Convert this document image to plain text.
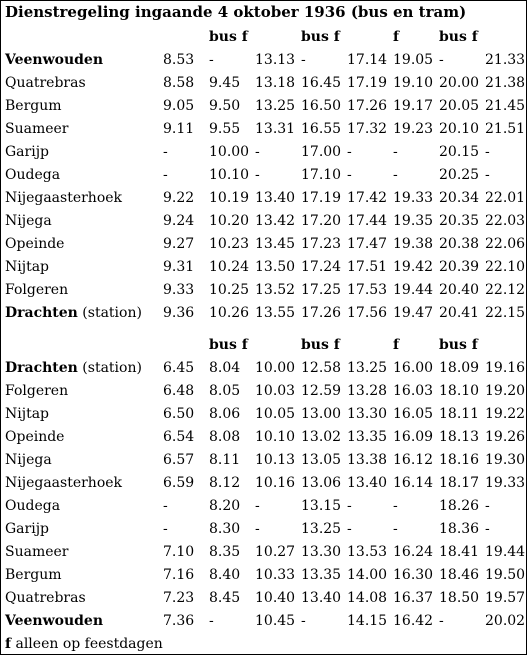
Dienstregeling ingaande 4 oktober 1936 (bus en tram)
		bus f		bus f		f	bus f	
Veenwouden	8.53	-	13.13	-	17.14	19.05	-	21.33
Quatrebras	8.58	9.45	13.18	16.45	17.19	19.10	20.00	21.38
Bergum	9.05	9.50	13.25	16.50	17.26	19.17	20.05	21.45
Suameer	9.11	9.55	13.31	16.55	17.32	19.23	20.10	21.51
Garijp	-	10.00	-	17.00	-	-	20.15	-
Oudega	-	10.10	-	17.10	-	-	20.25	-
Nijegaasterhoek	9.22	10.19	13.40	17.19	17.42	19.33	20.34	22.01
Nijega	9.24	10.20	13.42	17.20	17.44	19.35	20.35	22.03
Opeinde	9.27	10.23	13.45	17.23	17.47	19.38	20.38	22.06
Nijtap	9.31	10.24	13.50	17.24	17.51	19.42	20.39	22.10
Folgeren	9.33	10.25	13.52	17.25	17.53	19.44	20.40	22.12
Drachten (station)	9.36	10.26	13.55	17.26	17.56	19.47	20.41	22.15
		bus f		bus f		f	bus f	
Drachten (station)	6.45	8.04	10.00	12.58	13.25	16.00	18.09	19.16
Folgeren	6.48	8.05	10.03	12.59	13.28	16.03	18.10	19.20
Nijtap	6.50	8.06	10.05	13.00	13.30	16.05	18.11	19.22
Opeinde	6.54	8.08	10.10	13.02	13.35	16.09	18.13	19.26
Nijega	6.57	8.11	10.13	13.05	13.38	16.12	18.16	19.30
Nijegaasterhoek	6.59	8.12	10.16	13.06	13.40	16.14	18.17	19.33
Oudega	-	8.20	-	13.15	-	-	18.26	-
Garijp	-	8.30	-	13.25	-	-	18.36	-
Suameer	7.10	8.35	10.27	13.30	13.53	16.24	18.41	19.44
Bergum	7.16	8.40	10.33	13.35	14.00	16.30	18.46	19.50
Quatrebras	7.23	8.45	10.40	13.40	14.08	16.37	18.50	19.57
Veenwouden	7.36	-	10.45	-	14.15	16.42	-	20.02
f alleen op feestdagen
